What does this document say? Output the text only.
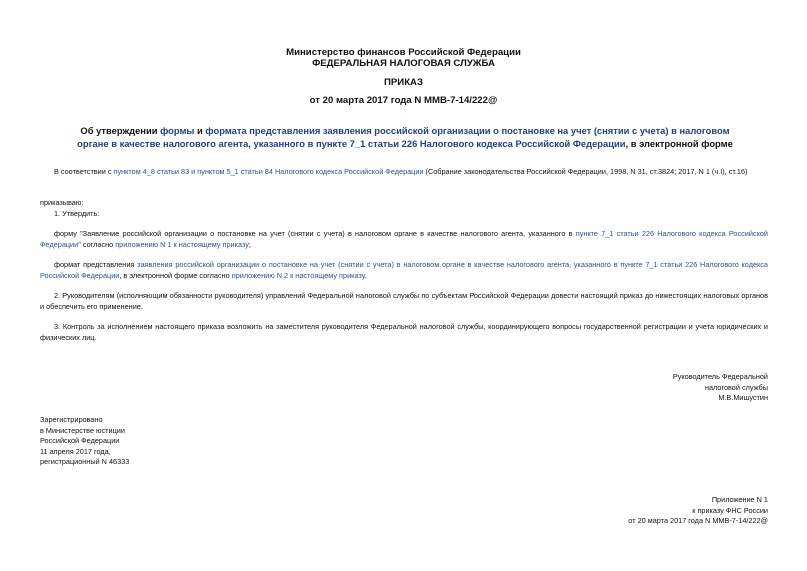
Министерство финансов Российской Федерации
ФЕДЕРАЛЬНАЯ НАЛОГОВАЯ СЛУЖБА
ПРИКАЗ
от 20 марта 2017 года N ММВ-7-14/222@
Об утверждении формы и формата представления заявления российской организации о постановке на учет (снятии с учета) в налоговом органе в качестве налогового агента, указанного в пункте 7_1 статьи 226 Налогового кодекса Российской Федерации, в электронной форме
В соответствии с пунктом 4_8 статьи 83 и пунктом 5_1 статьи 84 Налогового кодекса Российской Федерации (Собрание законодательства Российской Федерации, 1998, N 31, ст.3824; 2017, N 1 (ч.I), ст.16)
приказываю:
1. Утвердить:
форму "Заявление российской организации о постановке на учет (снятии с учета) в налоговом органе в качестве налогового агента, указанного в пункте 7_1 статьи 226 Налогового кодекса Российской Федерации" согласно приложению N 1 к настоящему приказу;
формат представления заявления российской организации о постановке на учет (снятии с учета) в налоговом органе в качестве налогового агента, указанного в пункте 7_1 статьи 226 Налогового кодекса Российской Федерации, в электронной форме согласно приложению N 2 к настоящему приказу.
2. Руководителям (исполняющим обязанности руководителя) управлений Федеральной налоговой службы по субъектам Российской Федерации довести настоящий приказ до нижестоящих налоговых органов и обеспечить его применение.
3. Контроль за исполнением настоящего приказа возложить на заместителя руководителя Федеральной налоговой службы, координирующего вопросы государственной регистрации и учета юридических и физических лиц.
Руководитель Федеральной
налоговой службы
М.В.Мишустин
Зарегистрировано
в Министерстве юстиции
Российской Федерации
11 апреля 2017 года,
регистрационный N 46333
Приложение N 1
к приказу ФНС России
от 20 марта 2017 года N ММВ-7-14/222@
